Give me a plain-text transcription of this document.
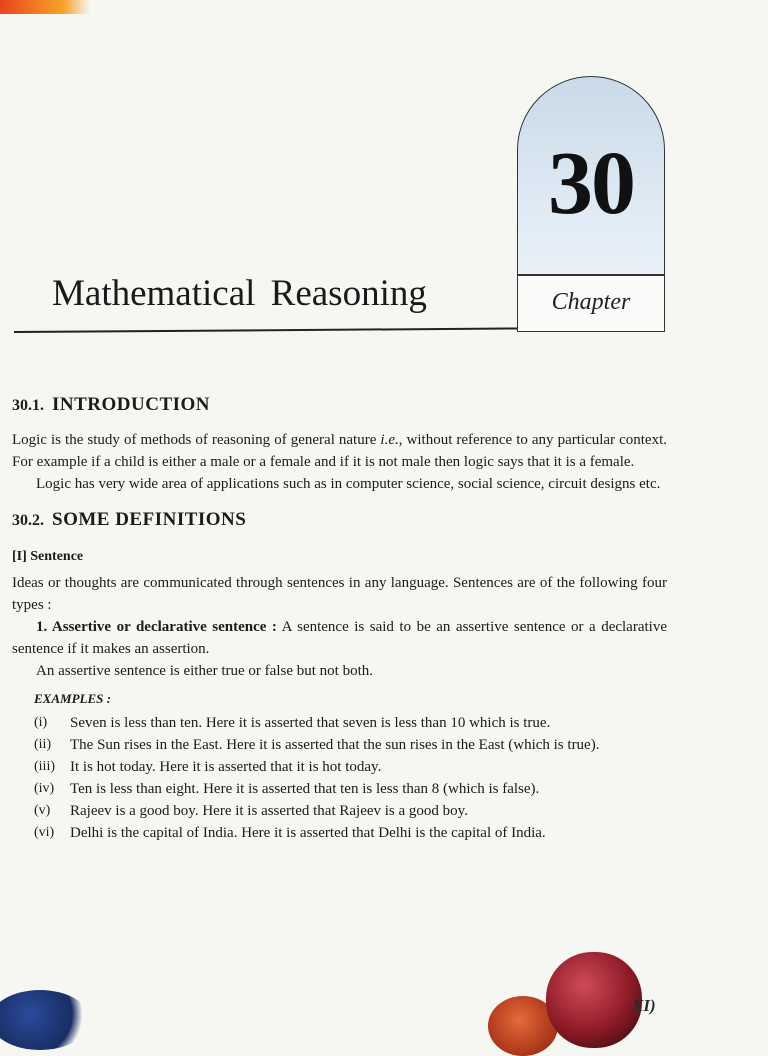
30
Chapter
Mathematical Reasoning
30.1. INTRODUCTION

Logic is the study of methods of reasoning of general nature i.e., without reference to any particular context. For example if a child is either a male or a female and if it is not male then logic says that it is a female.

Logic has very wide area of applications such as in computer science, social science, circuit designs etc.

30.2. SOME DEFINITIONS
[I] Sentence

Ideas or thoughts are communicated through sentences in any language. Sentences are of the following four types :

1. Assertive or declarative sentence : A sentence is said to be an assertive sentence or a declarative sentence if it makes an assertion.

An assertive sentence is either true or false but not both.

EXAMPLES :
(i)	Seven is less than ten. Here it is asserted that seven is less than 10 which is true.
(ii)	The Sun rises in the East. Here it is asserted that the sun rises in the East (which is true).
(iii)	It is hot today. Here it is asserted that it is hot today.
(iv)	Ten is less than eight. Here it is asserted that ten is less than 8 (which is false).
(v)	Rajeev is a good boy. Here it is asserted that Rajeev is a good boy.
(vi)	Delhi is the capital of India. Here it is asserted that Delhi is the capital of India.
XI)
